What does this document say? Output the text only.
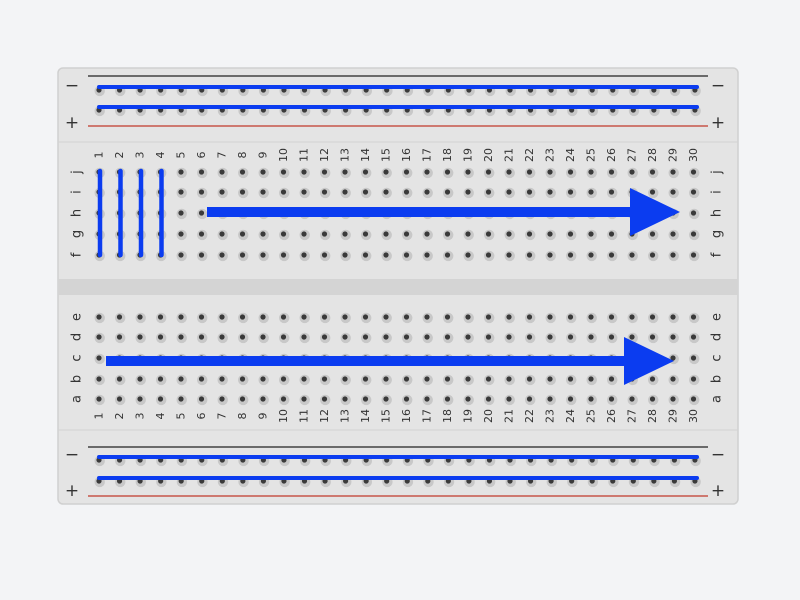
−	−
+	+
−	−
+	+
1
1
2
2
3
3
4
4
5
5
6
6
7
7
8
8
9
9
10
10
11
11
12
12
13
13
14
14
15
15
16
16
17
17
18
18
19
19
20
20
21
21
22
22
23
23
24
24
25
25
26
26
27
27
28
28
29
29
30
30
j	j
i	i
h	h
g	g
f	f
e	e
d	d
c	c
b	b
a	a
